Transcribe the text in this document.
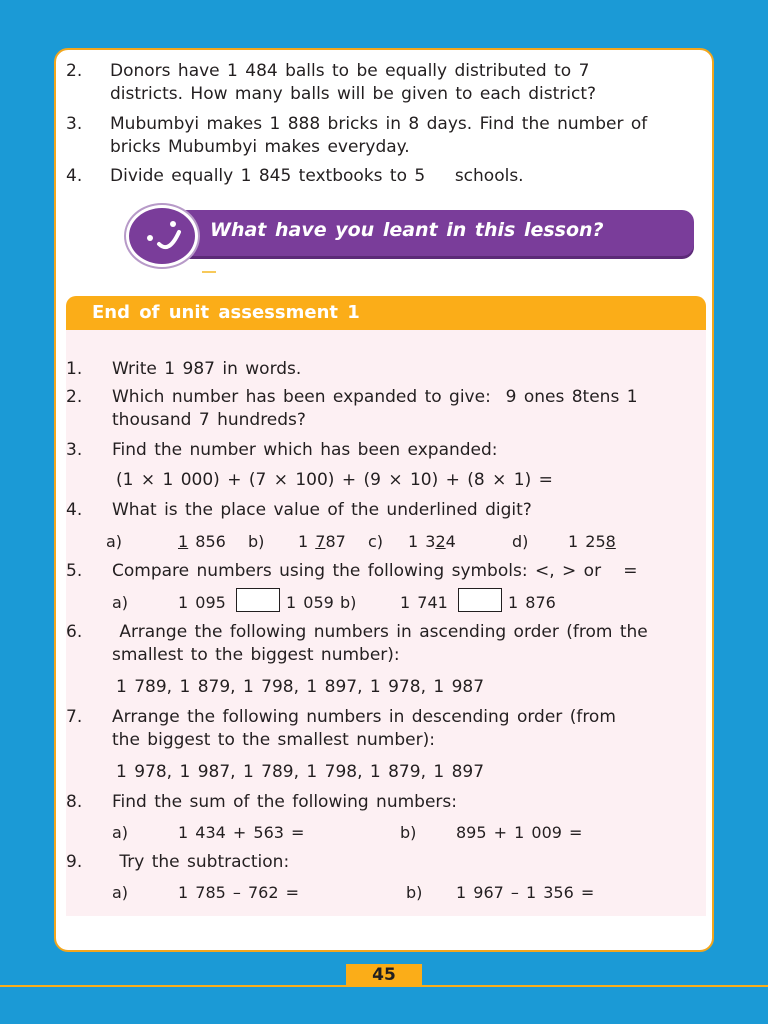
2. Donors have 1 484 balls to be equally distributed to 7
districts. How many balls will be given to each district?
3. Mubumbyi makes 1 888 bricks in 8 days. Find the number of
bricks Mubumbyi makes everyday.
4. Divide equally 1 845 textbooks to 5    schools.
What have you leant in this lesson?
End of unit assessment 1
1. Write 1 987 in words.
2. Which number has been expanded to give:  9 ones 8tens 1
thousand 7 hundreds?
3. Find the number which has been expanded:
(1 × 1 000) + (7 × 100) + (9 × 10) + (8 × 1) =
4. What is the place value of the underlined digit?
a)	1 856 b) 1 787 c) 1 324	d) 1 258
5. Compare numbers using the following symbols: <, > or   =
a)	1 095	1 059 b)	1 741	1 876
6. Arrange the following numbers in ascending order (from the
smallest to the biggest number):
1 789, 1 879, 1 798, 1 897, 1 978, 1 987
7. Arrange the following numbers in descending order (from
the biggest to the smallest number):
1 978, 1 987, 1 789, 1 798, 1 879, 1 897
8. Find the sum of the following numbers:
a)	1 434 + 563 =	b) 895 + 1 009 =
9. Try the subtraction:
a)	1 785 – 762 =	b) 1 967 – 1 356 =
45
